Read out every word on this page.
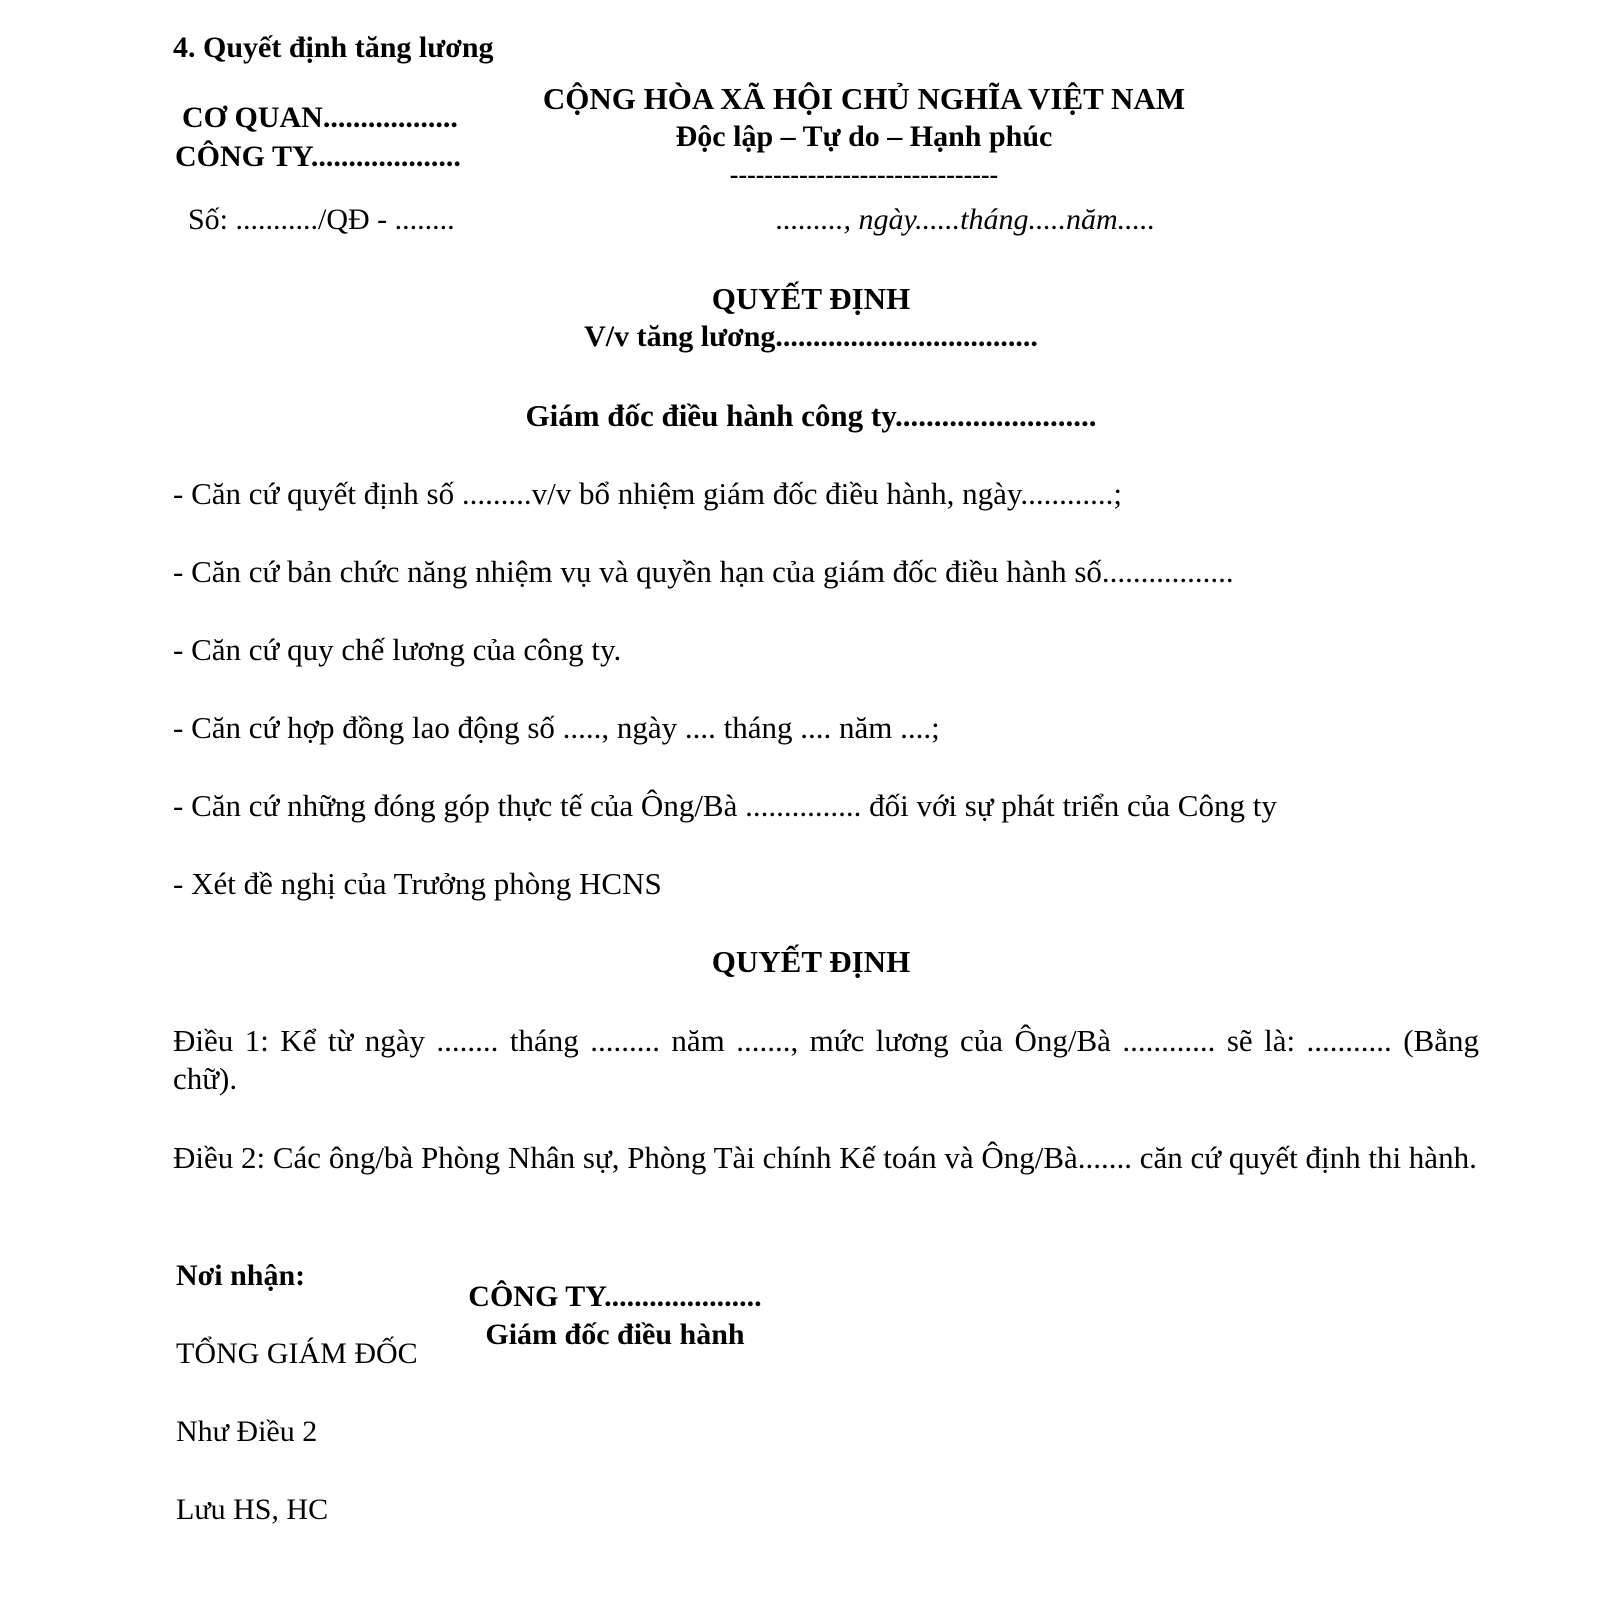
4. Quyết định tăng lương
CƠ QUAN..................
CÔNG TY....................
CỘNG HÒA XÃ HỘI CHỦ NGHĨA VIỆT NAM
Độc lập – Tự do – Hạnh phúc
-------------------------------
Số: .........../QĐ - ........	........., ngày......tháng.....năm.....
QUYẾT ĐỊNH
V/v tăng lương...................................
Giám đốc điều hành công ty..........................
- Căn cứ quyết định số .........v/v bổ nhiệm giám đốc điều hành, ngày............;
- Căn cứ bản chức năng nhiệm vụ và quyền hạn của giám đốc điều hành số.................
- Căn cứ quy chế lương của công ty.
- Căn cứ hợp đồng lao động số ....., ngày .... tháng .... năm ....;
- Căn cứ những đóng góp thực tế của Ông/Bà ............... đối với sự phát triển của Công ty
- Xét đề nghị của Trưởng phòng HCNS
QUYẾT ĐỊNH
Điều 1: Kể từ ngày ........ tháng ......... năm ......., mức lương của Ông/Bà ............ sẽ là: ........... (Bằng chữ).
Điều 2: Các ông/bà Phòng Nhân sự, Phòng Tài chính Kế toán và Ông/Bà....... căn cứ quyết định thi hành.
Nơi nhận:
TỔNG GIÁM ĐỐC
Như Điều 2
Lưu HS, HC
CÔNG TY.....................
Giám đốc điều hành
